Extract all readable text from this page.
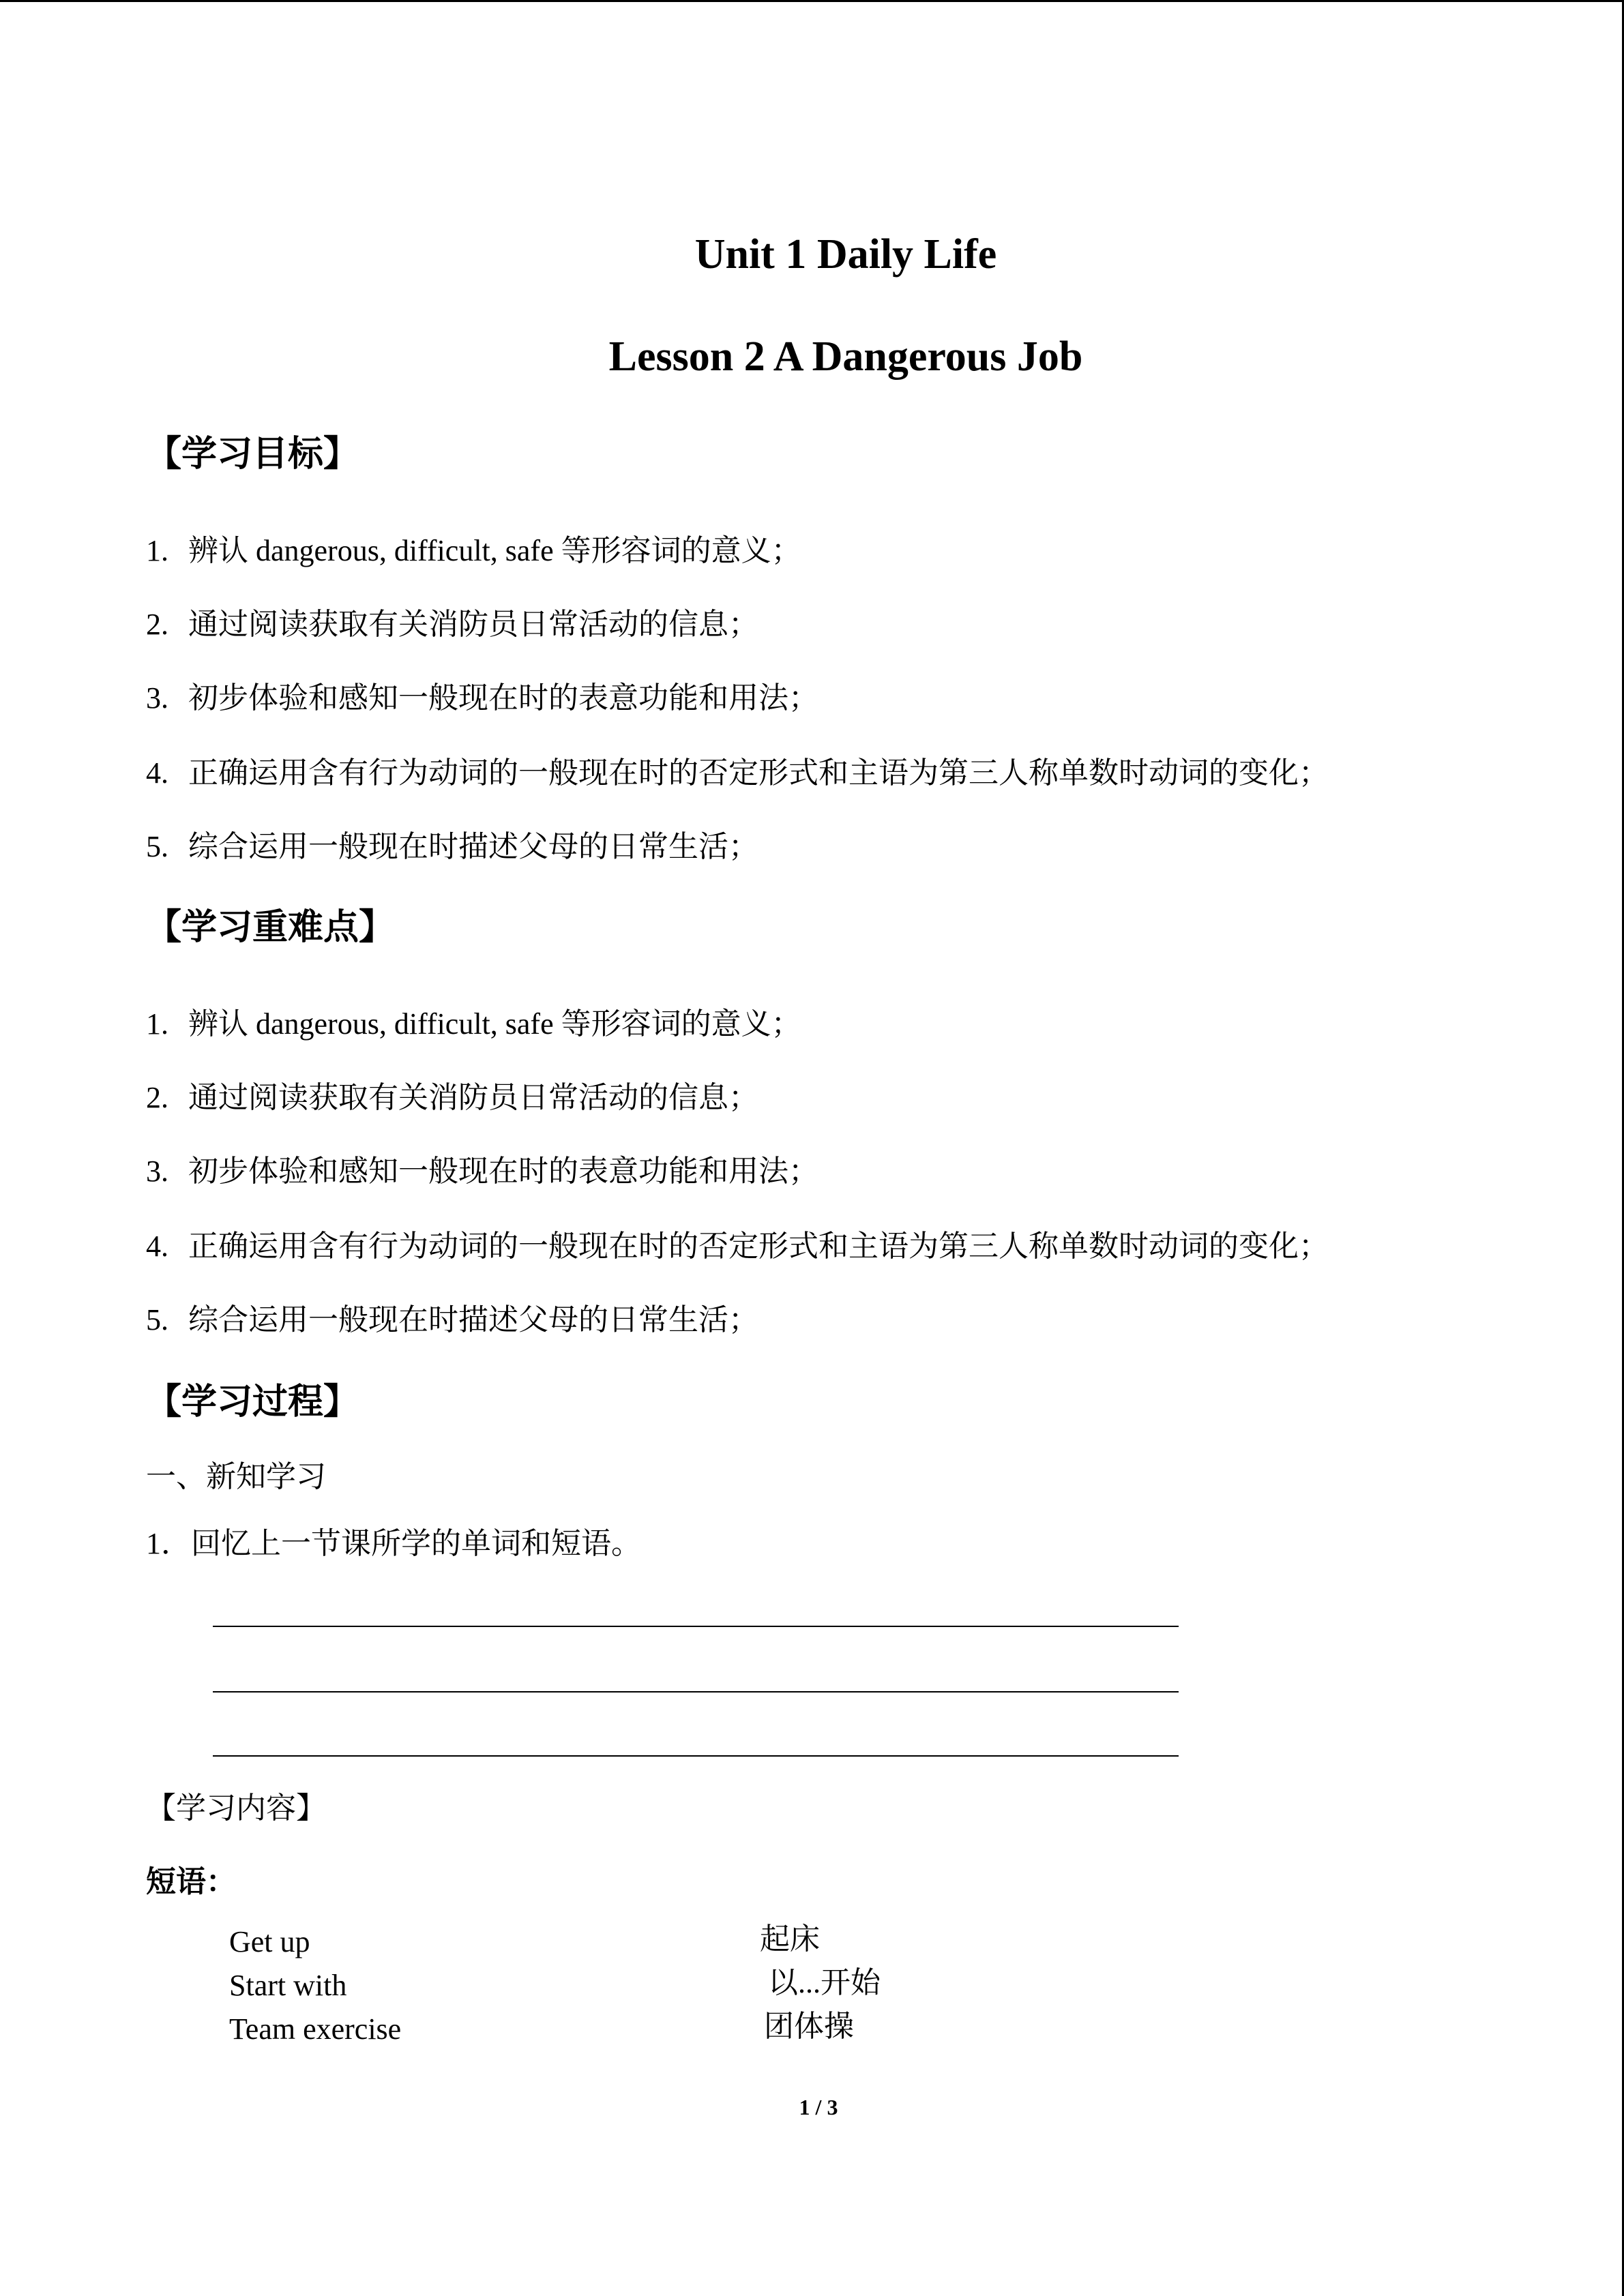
Unit 1 Daily Life
Lesson 2 A Dangerous Job
【学习目标】
1. 辨认 dangerous, difficult, safe 等形容词的意义；
2. 通过阅读获取有关消防员日常活动的信息；
3. 初步体验和感知一般现在时的表意功能和用法；
4. 正确运用含有行为动词的一般现在时的否定形式和主语为第三人称单数时动词的变化；
5. 综合运用一般现在时描述父母的日常生活；
【学习重难点】
1. 辨认 dangerous, difficult, safe 等形容词的意义；
2. 通过阅读获取有关消防员日常活动的信息；
3. 初步体验和感知一般现在时的表意功能和用法；
4. 正确运用含有行为动词的一般现在时的否定形式和主语为第三人称单数时动词的变化；
5. 综合运用一般现在时描述父母的日常生活；
【学习过程】
一、新知学习
1．回忆上一节课所学的单词和短语。
【学习内容】
短语：
Get up	起床
Start with	以...开始
Team exercise	团体操
1 / 3
